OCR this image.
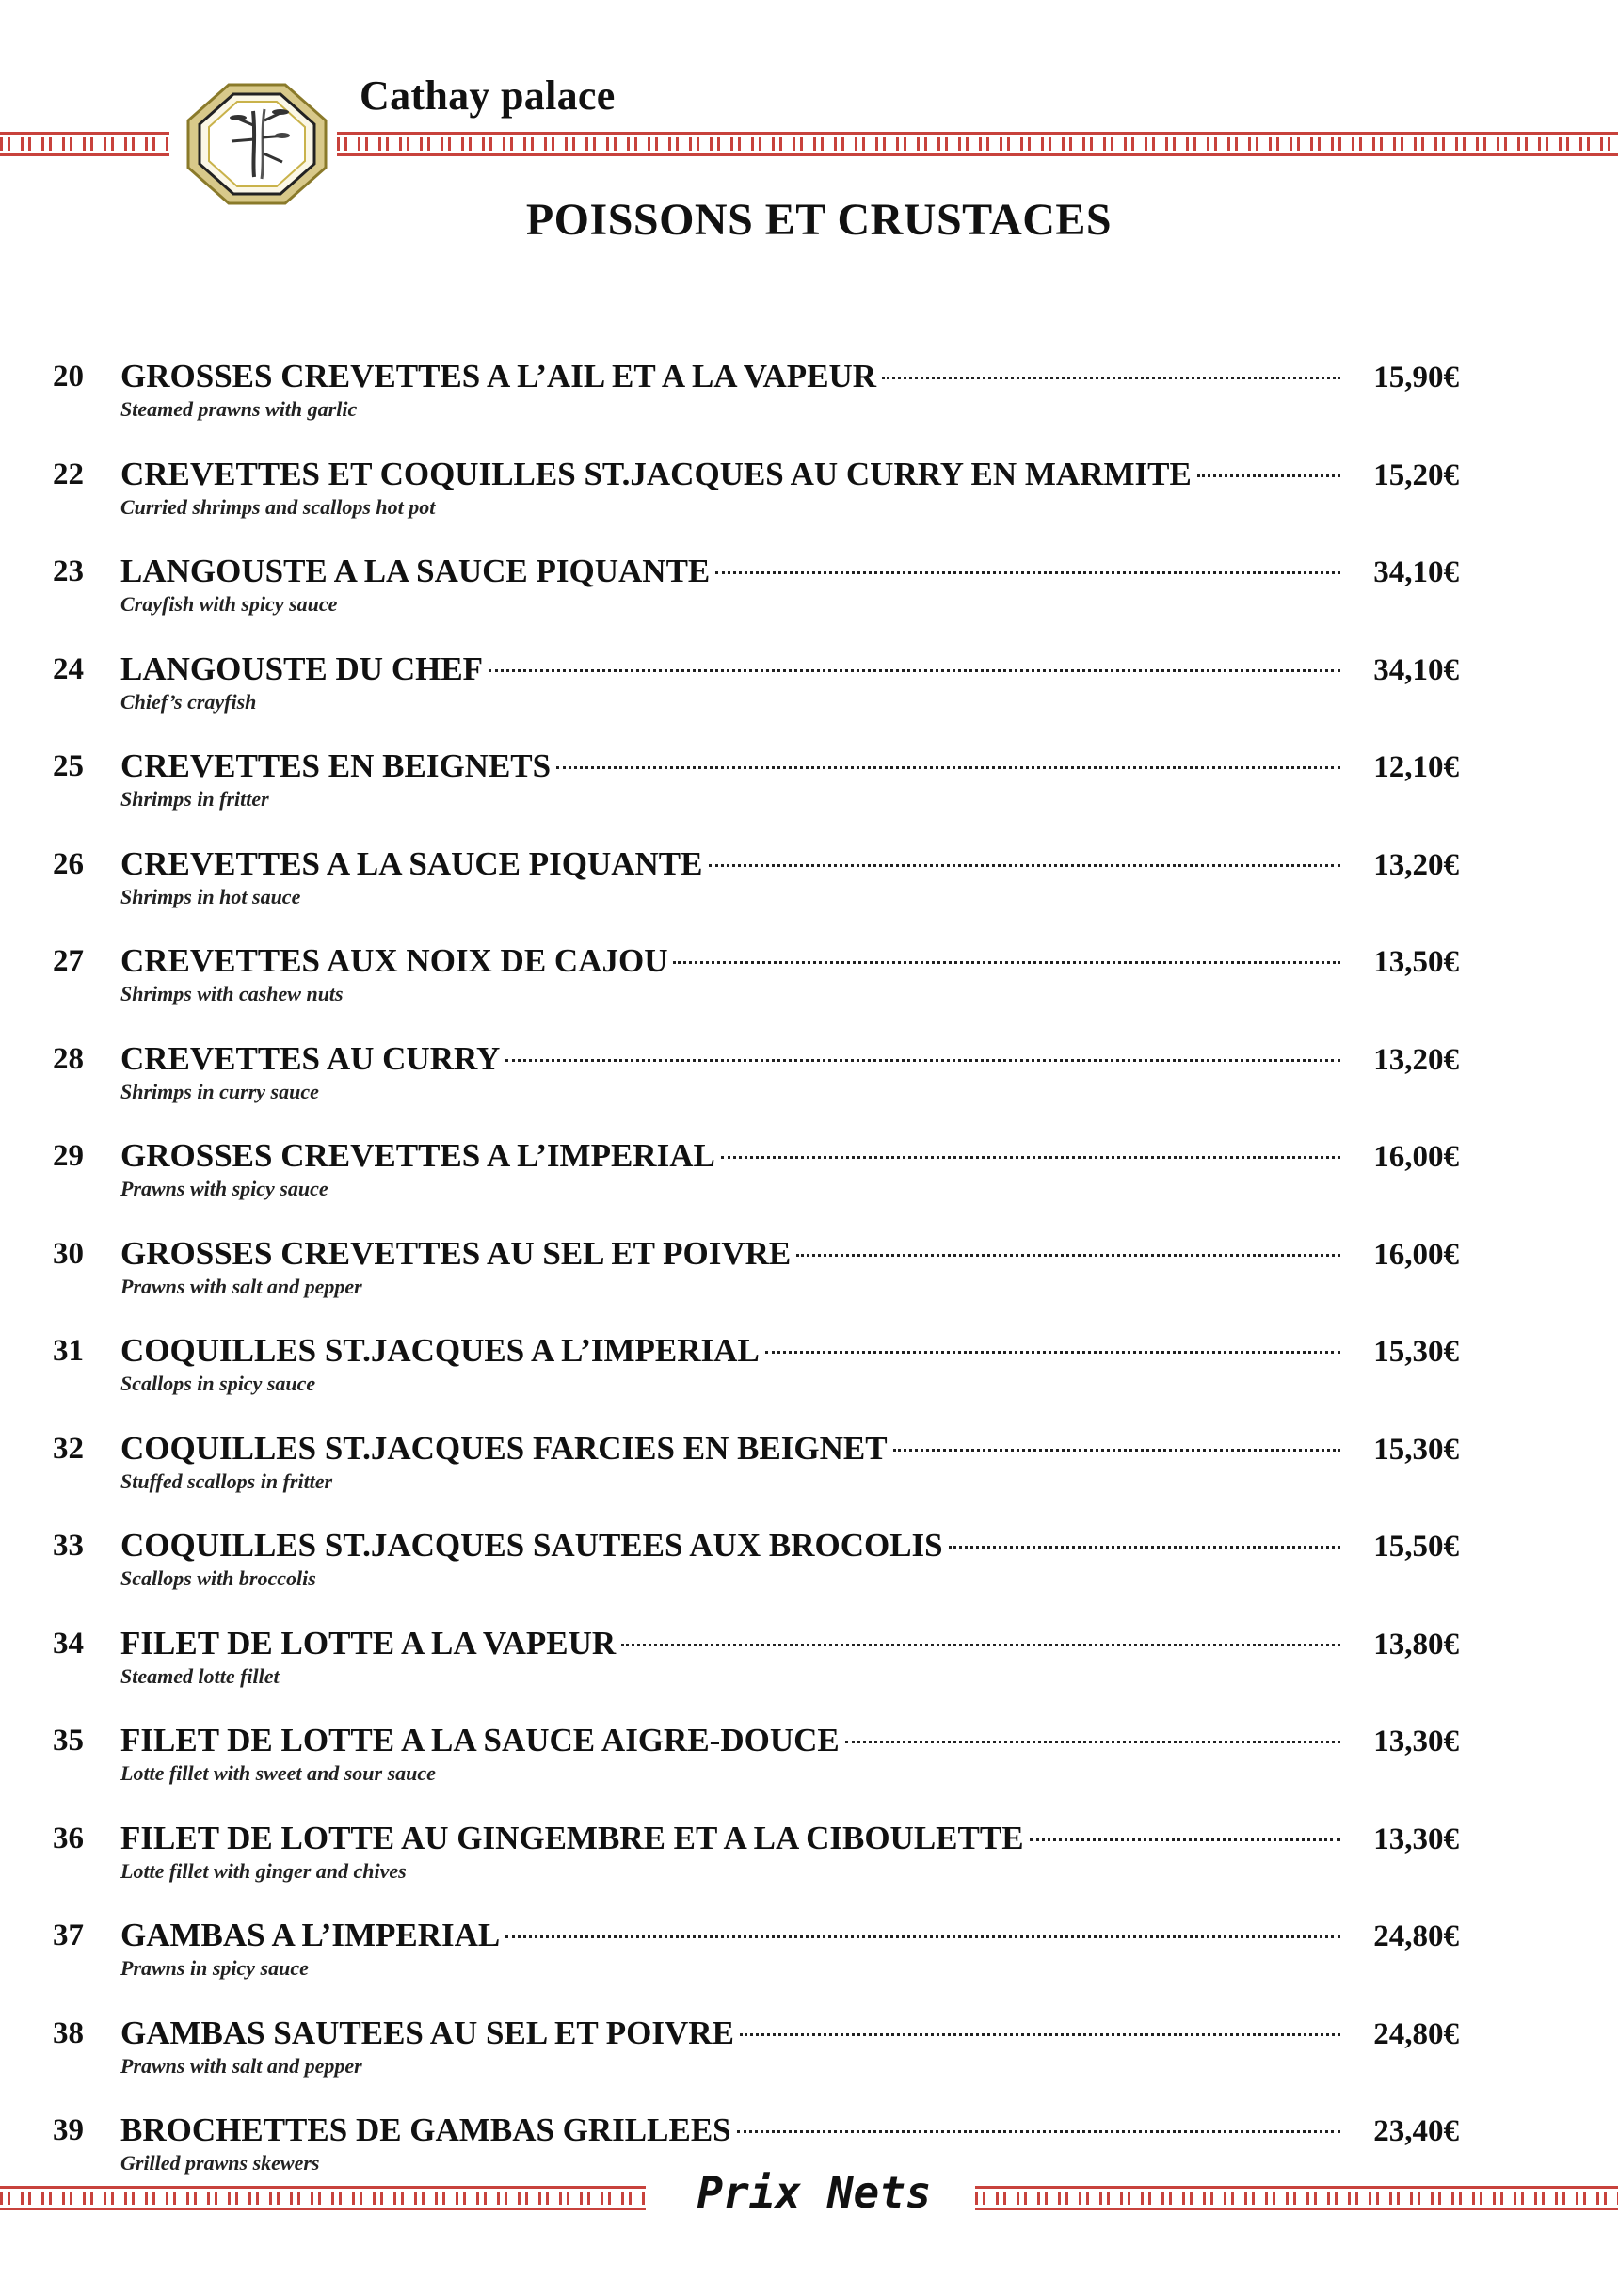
Cathay palace
POISSONS ET CRUSTACES
20	GROSSES CREVETTES A L’AIL ET A LA VAPEUR	15,90€
Steamed prawns with garlic
22	CREVETTES ET COQUILLES ST.JACQUES AU CURRY EN MARMITE	15,20€
Curried shrimps and scallops hot pot
23	LANGOUSTE A LA SAUCE PIQUANTE	34,10€
Crayfish with spicy sauce
24	LANGOUSTE DU CHEF	34,10€
Chief’s crayfish
25	CREVETTES EN BEIGNETS	12,10€
Shrimps in fritter
26	CREVETTES A LA SAUCE PIQUANTE	13,20€
Shrimps in hot sauce
27	CREVETTES AUX NOIX DE CAJOU	13,50€
Shrimps with cashew nuts
28	CREVETTES AU CURRY	13,20€
Shrimps in curry sauce
29	GROSSES CREVETTES A L’IMPERIAL	16,00€
Prawns with spicy sauce
30	GROSSES CREVETTES AU SEL ET POIVRE	16,00€
Prawns with salt and pepper
31	COQUILLES ST.JACQUES A L’IMPERIAL	15,30€
Scallops in spicy sauce
32	COQUILLES ST.JACQUES FARCIES EN BEIGNET	15,30€
Stuffed scallops in fritter
33	COQUILLES ST.JACQUES SAUTEES AUX BROCOLIS	15,50€
Scallops with broccolis
34	FILET DE LOTTE A LA VAPEUR	13,80€
Steamed lotte fillet
35	FILET DE LOTTE A LA SAUCE AIGRE-DOUCE	13,30€
Lotte fillet with sweet and sour sauce
36	FILET DE LOTTE AU GINGEMBRE ET A LA CIBOULETTE	13,30€
Lotte fillet with ginger and chives
37	GAMBAS A L’IMPERIAL	24,80€
Prawns in spicy sauce
38	GAMBAS SAUTEES AU SEL ET POIVRE	24,80€
Prawns with salt and pepper
39	BROCHETTES DE GAMBAS GRILLEES	23,40€
Grilled prawns skewers
Prix Nets
